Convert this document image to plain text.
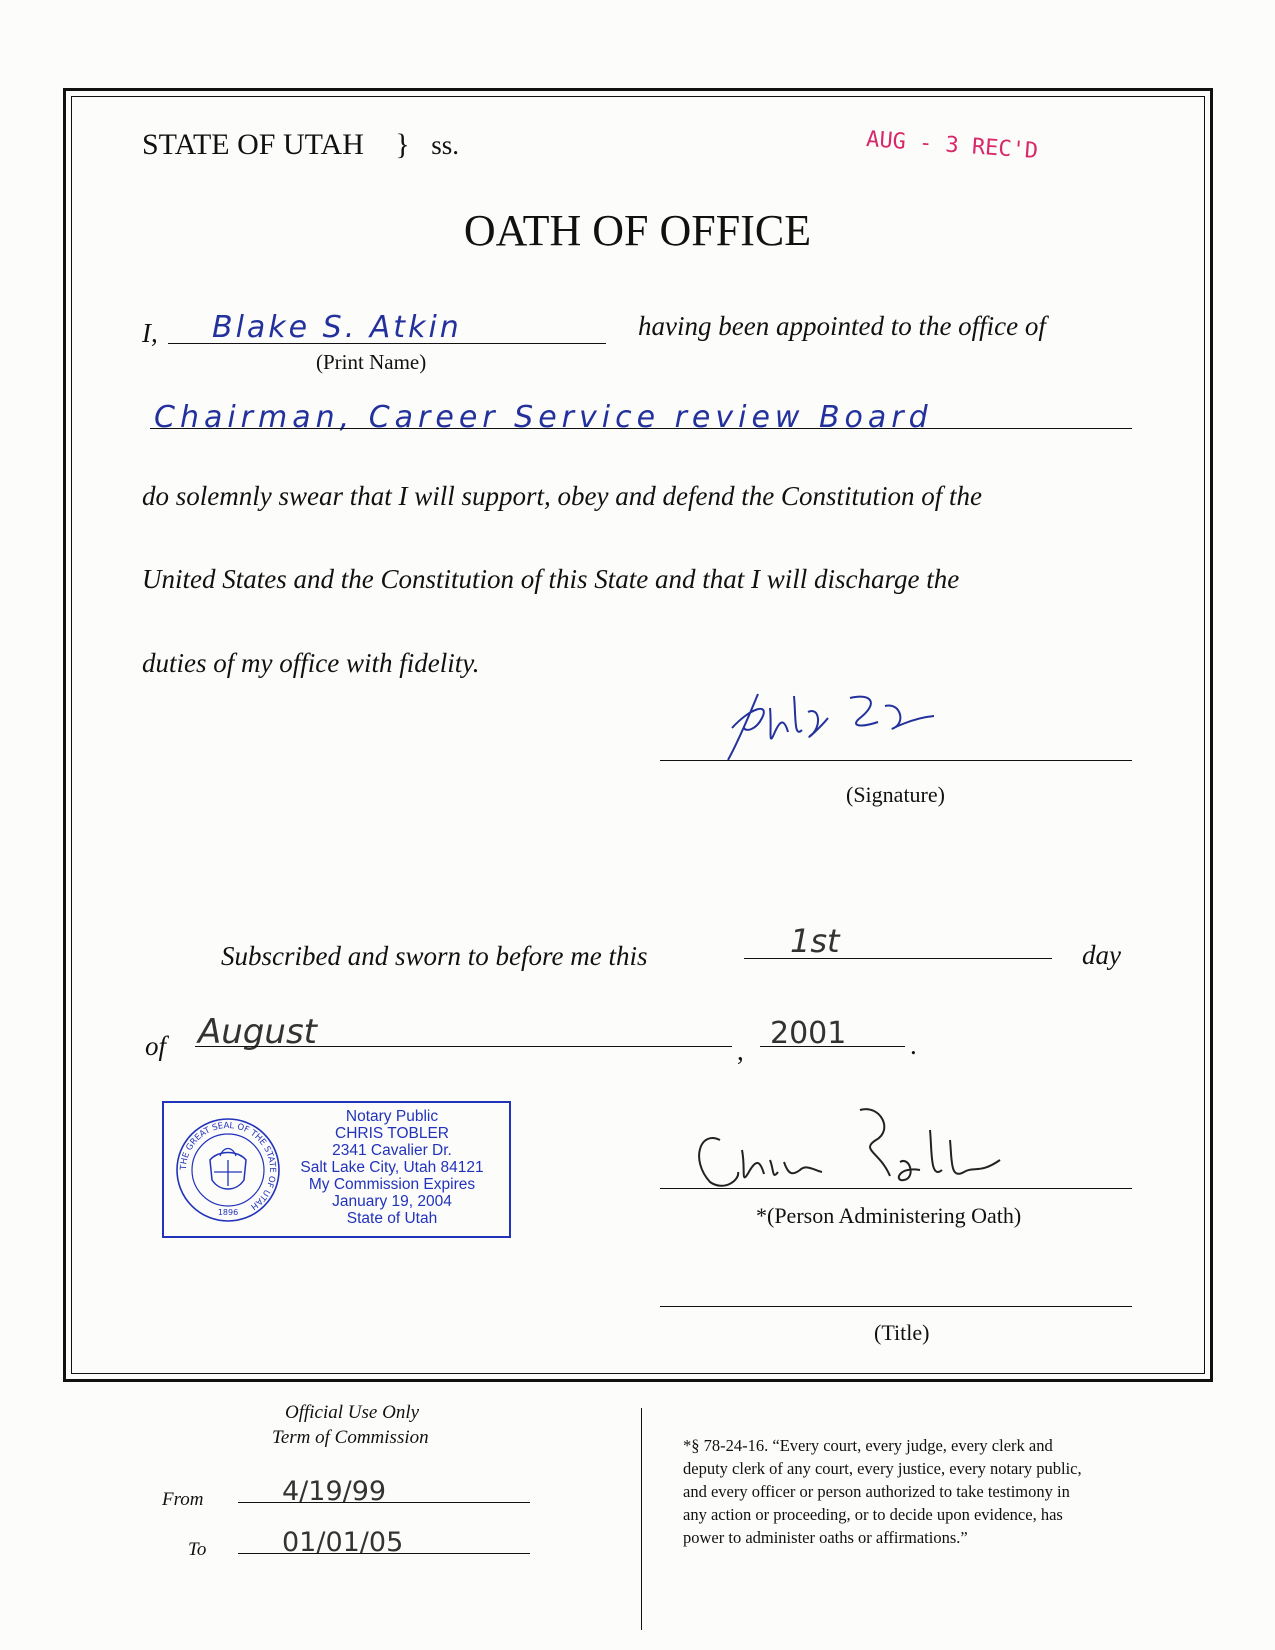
STATE OF UTAH } ss.	AUG - 3 REC'D
OATH OF OFFICE
I, Blake S. Atkin
(Print Name)
having been appointed to the office of
Chairman, Career Service review Board
do solemnly swear that I will support, obey and defend the Constitution of the
United States and the Constitution of this State and that I will discharge the
duties of my office with fidelity.
(Signature)
Subscribed and sworn to before me this	1st	day
of August	, 2001 .
THE GREAT SEAL OF THE STATE OF UTAH
1896
Notary Public
CHRIS TOBLER
2341 Cavalier Dr.
Salt Lake City, Utah 84121
My Commission Expires
January 19, 2004
State of Utah	*(Person Administering Oath)
(Title)
Official Use Only
Term of Commission
From	4/19/99
To	01/01/05
*§ 78-24-16. “Every court, every judge, every clerk and
deputy clerk of any court, every justice, every notary public,
and every officer or person authorized to take testimony in
any action or proceeding, or to decide upon evidence, has
power to administer oaths or affirmations.”
